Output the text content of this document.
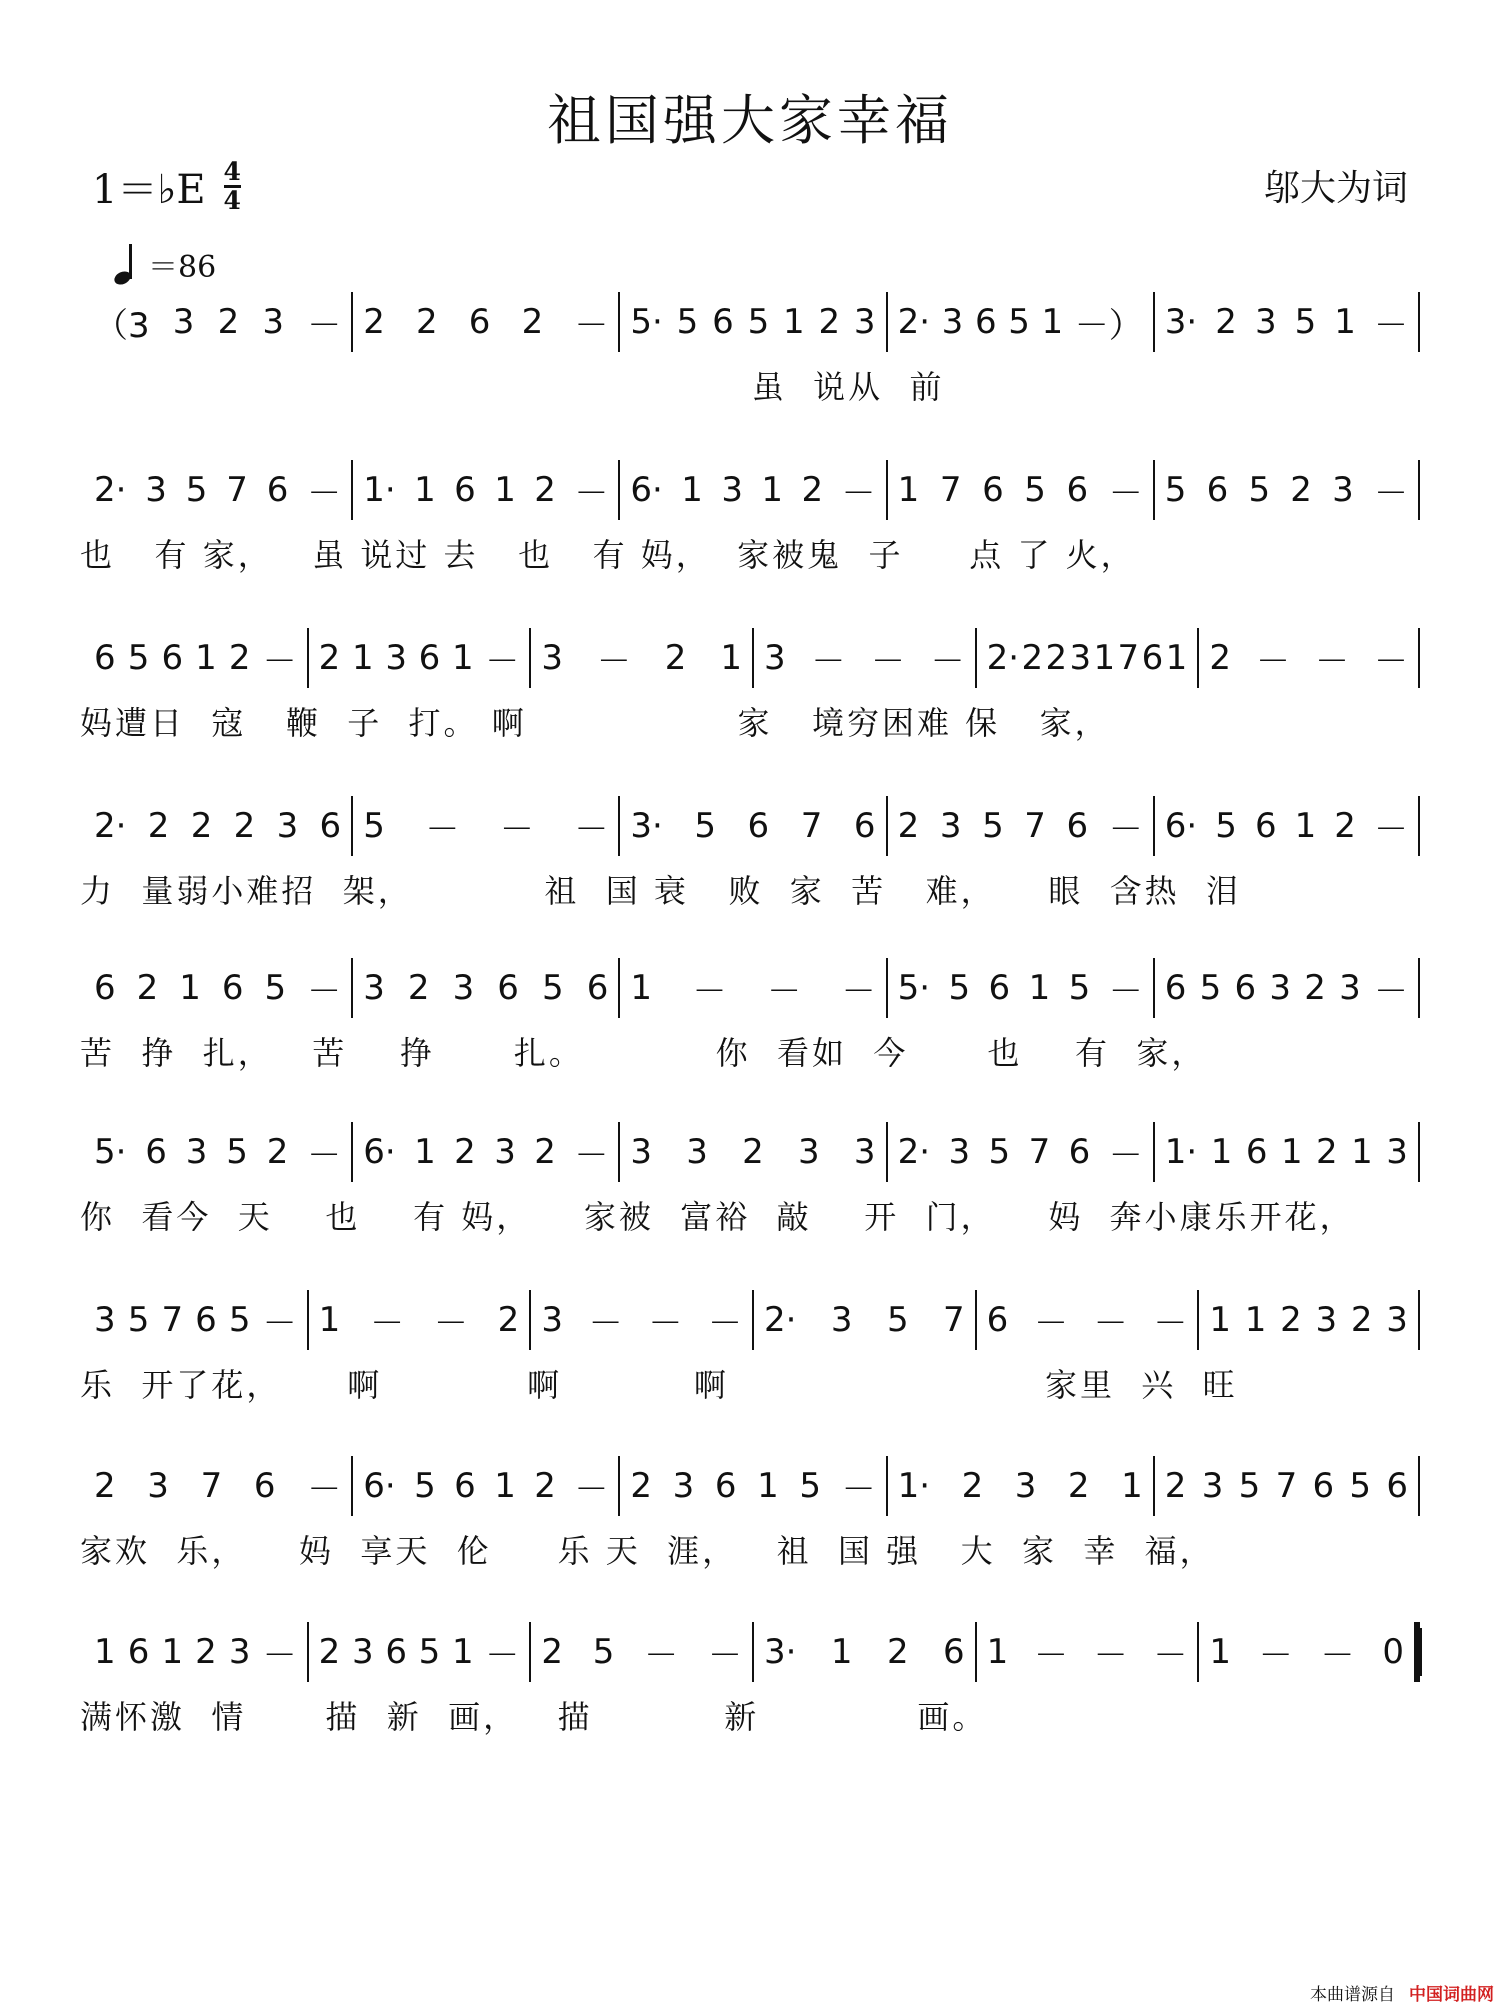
祖国强大家幸福
1＝♭E $\frac{4}{4}$	邬大为词
＝86
（3 3 2 3 － 2 2 6 2 － 5· 5 6 5 1 2 3 2· 3 6 5 1 －） 3· 2 3 5 1 －
虽  说从  前
2· 3 5 7 6 － 1· 1 6 1 2 － 6· 1 3 1 2 － 1 7 6 5 6 － 5 6 5 2 3 －
也   有 家，   虽 说过 去   也   有 妈，  家被鬼  子     点 了 火，
6 5 6 1 2 － 2 1 3 6 1 － 3 － 2 1 3 － － － 2· 2 2 3 1 7 6 1 2 － － －
妈遭日  寇   鞭  子  打。 啊                家   境穷困难 保   家，
2· 2 2 2 3 6 5 － － － 3· 5 6 7 6 2 3 5 7 6 － 6· 5 6 1 2 －
力  量弱小难招  架，          祖  国 衰   败  家  苦   难，    眼  含热  泪
6 2 1 6 5 － 3 2 3 6 5 6 1 － － － 5· 5 6 1 5 － 6 5 6 3 2 3 －
苦  挣  扎，   苦    挣      扎。          你  看如  今      也    有  家，
5· 6 3 5 2 － 6· 1 2 3 2 － 3 3 2 3 3 2· 3 5 7 6 － 1· 1 6 1 2 1 3
你  看今  天    也    有 妈，    家被  富裕  敲    开  门，    妈  奔小康乐开花，
3 5 7 6 5 － 1 － － 2 3 － － － 2· 3 5 7 6 － － － 1 1 2 3 2 3
乐  开了花，     啊           啊          啊                        家里  兴  旺
2 3 7 6 － 6· 5 6 1 2 － 2 3 6 1 5 － 1· 2 3 2 1 2 3 5 7 6 5 6
家欢  乐，    妈  享天  伦     乐 天  涯，   祖  国 强   大  家  幸  福，
1 6 1 2 3 － 2 3 6 5 1 － 2 5 － － 3· 1 2 6 1 － － － 1 － － 0
满怀激  情      描  新  画，   描          新            画。
本曲谱源自 中国词曲网
